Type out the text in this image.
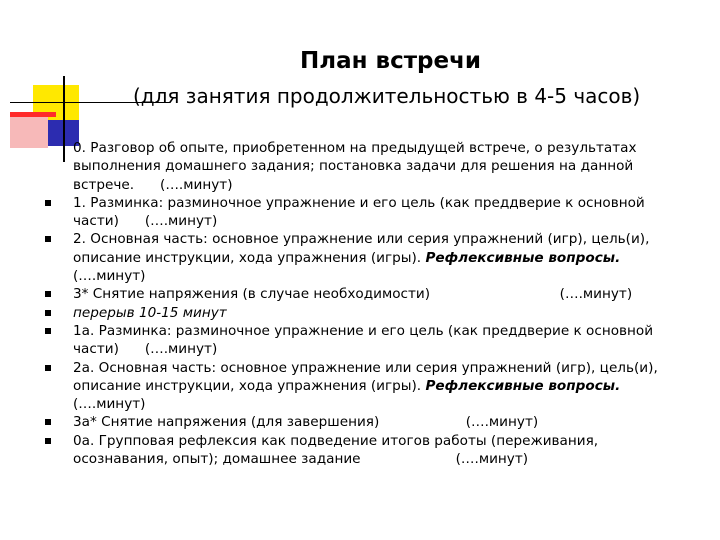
План встречи
(для занятия продолжительностью в 4-5 часов)
0. Разговор об опыте, приобретенном на предыдущей встрече, о результатах
выполнения домашнего задания; постановка задачи для решения на данной
встрече.      (….минут)
1. Разминка: разминочное упражнение и его цель (как преддверие к основной
части)      (….минут)
2. Основная часть: основное упражнение или серия упражнений (игр), цель(и),
описание инструкции, хода упражнения (игры). Рефлексивные вопросы.
(….минут)
3* Снятие напряжения (в случае необходимости)                              (….минут)
перерыв 10-15 минут
1а. Разминка: разминочное упражнение и его цель (как преддверие к основной
части)      (….минут)
2а. Основная часть: основное упражнение или серия упражнений (игр), цель(и),
описание инструкции, хода упражнения (игры). Рефлексивные вопросы.
(….минут)
3а* Снятие напряжения (для завершения)                    (….минут)
0а. Групповая рефлексия как подведение итогов работы (переживания,
осознавания, опыт); домашнее задание                      (….минут)
